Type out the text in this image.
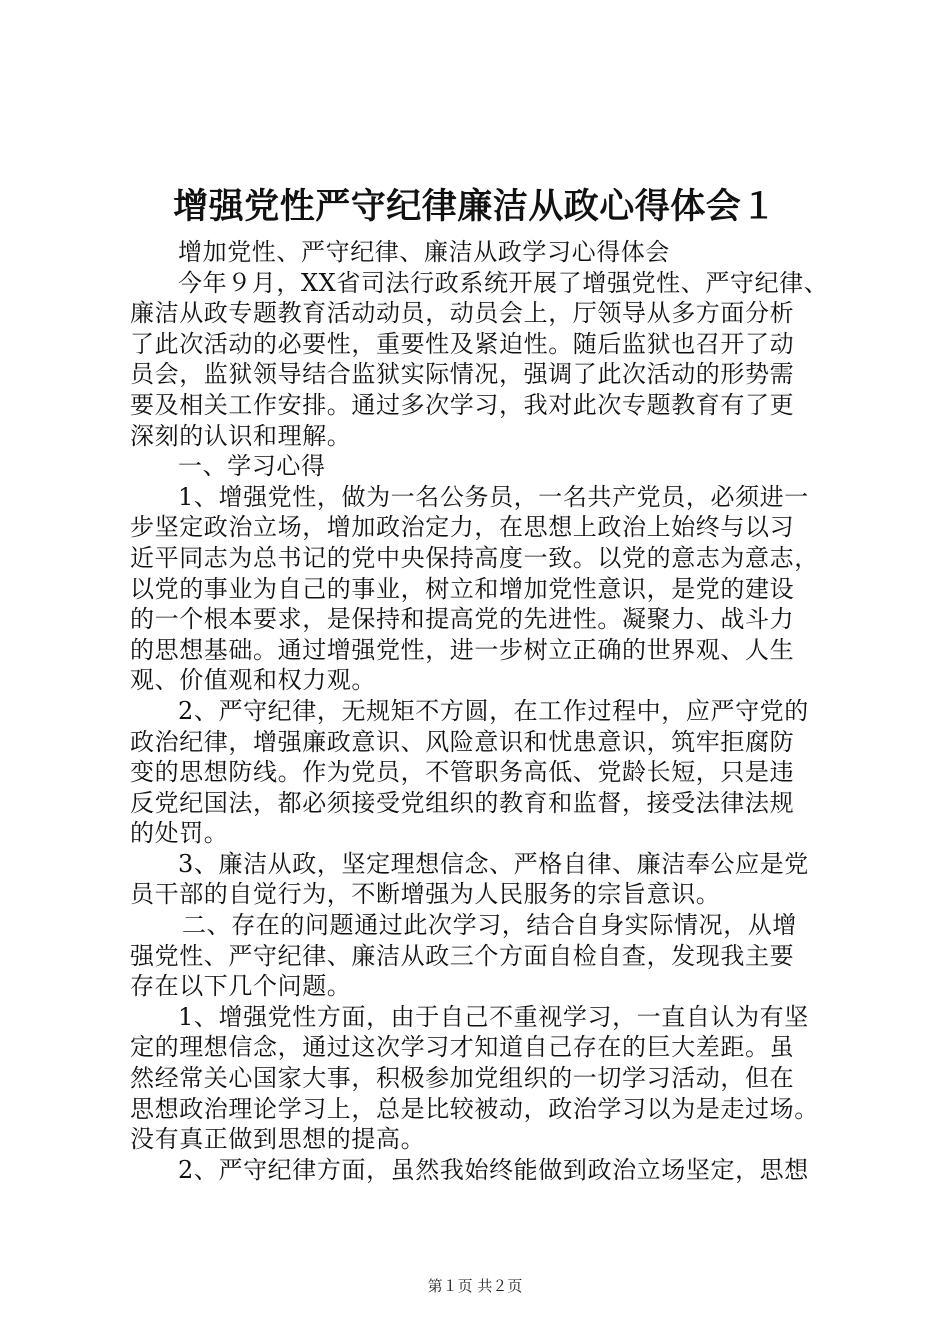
增强党性严守纪律廉洁从政心得体会１
增加党性、严守纪律、廉洁从政学习心得体会
今年９月，XX省司法行政系统开展了增强党性、严守纪律、
廉洁从政专题教育活动动员，动员会上，厅领导从多方面分析
了此次活动的必要性，重要性及紧迫性。随后监狱也召开了动
员会，监狱领导结合监狱实际情况，强调了此次活动的形势需
要及相关工作安排。通过多次学习，我对此次专题教育有了更
深刻的认识和理解。
一、学习心得
1、增强党性，做为一名公务员，一名共产党员，必须进一
步坚定政治立场，增加政治定力，在思想上政治上始终与以习
近平同志为总书记的党中央保持高度一致。以党的意志为意志，
以党的事业为自己的事业，树立和增加党性意识，是党的建设
的一个根本要求，是保持和提高党的先进性。凝聚力、战斗力
的思想基础。通过增强党性，进一步树立正确的世界观、人生
观、价值观和权力观。
2、严守纪律，无规矩不方圆，在工作过程中，应严守党的
政治纪律，增强廉政意识、风险意识和忧患意识，筑牢拒腐防
变的思想防线。作为党员，不管职务高低、党龄长短，只是违
反党纪国法，都必须接受党组织的教育和监督，接受法律法规
的处罚。
3、廉洁从政，坚定理想信念、严格自律、廉洁奉公应是党
员干部的自觉行为，不断增强为人民服务的宗旨意识。
二、存在的问题通过此次学习，结合自身实际情况，从增
强党性、严守纪律、廉洁从政三个方面自检自查，发现我主要
存在以下几个问题。
1、增强党性方面，由于自己不重视学习，一直自认为有坚
定的理想信念，通过这次学习才知道自己存在的巨大差距。虽
然经常关心国家大事，积极参加党组织的一切学习活动，但在
思想政治理论学习上，总是比较被动，政治学习以为是走过场。
没有真正做到思想的提高。
2、严守纪律方面，虽然我始终能做到政治立场坚定，思想
第１页 共２页
